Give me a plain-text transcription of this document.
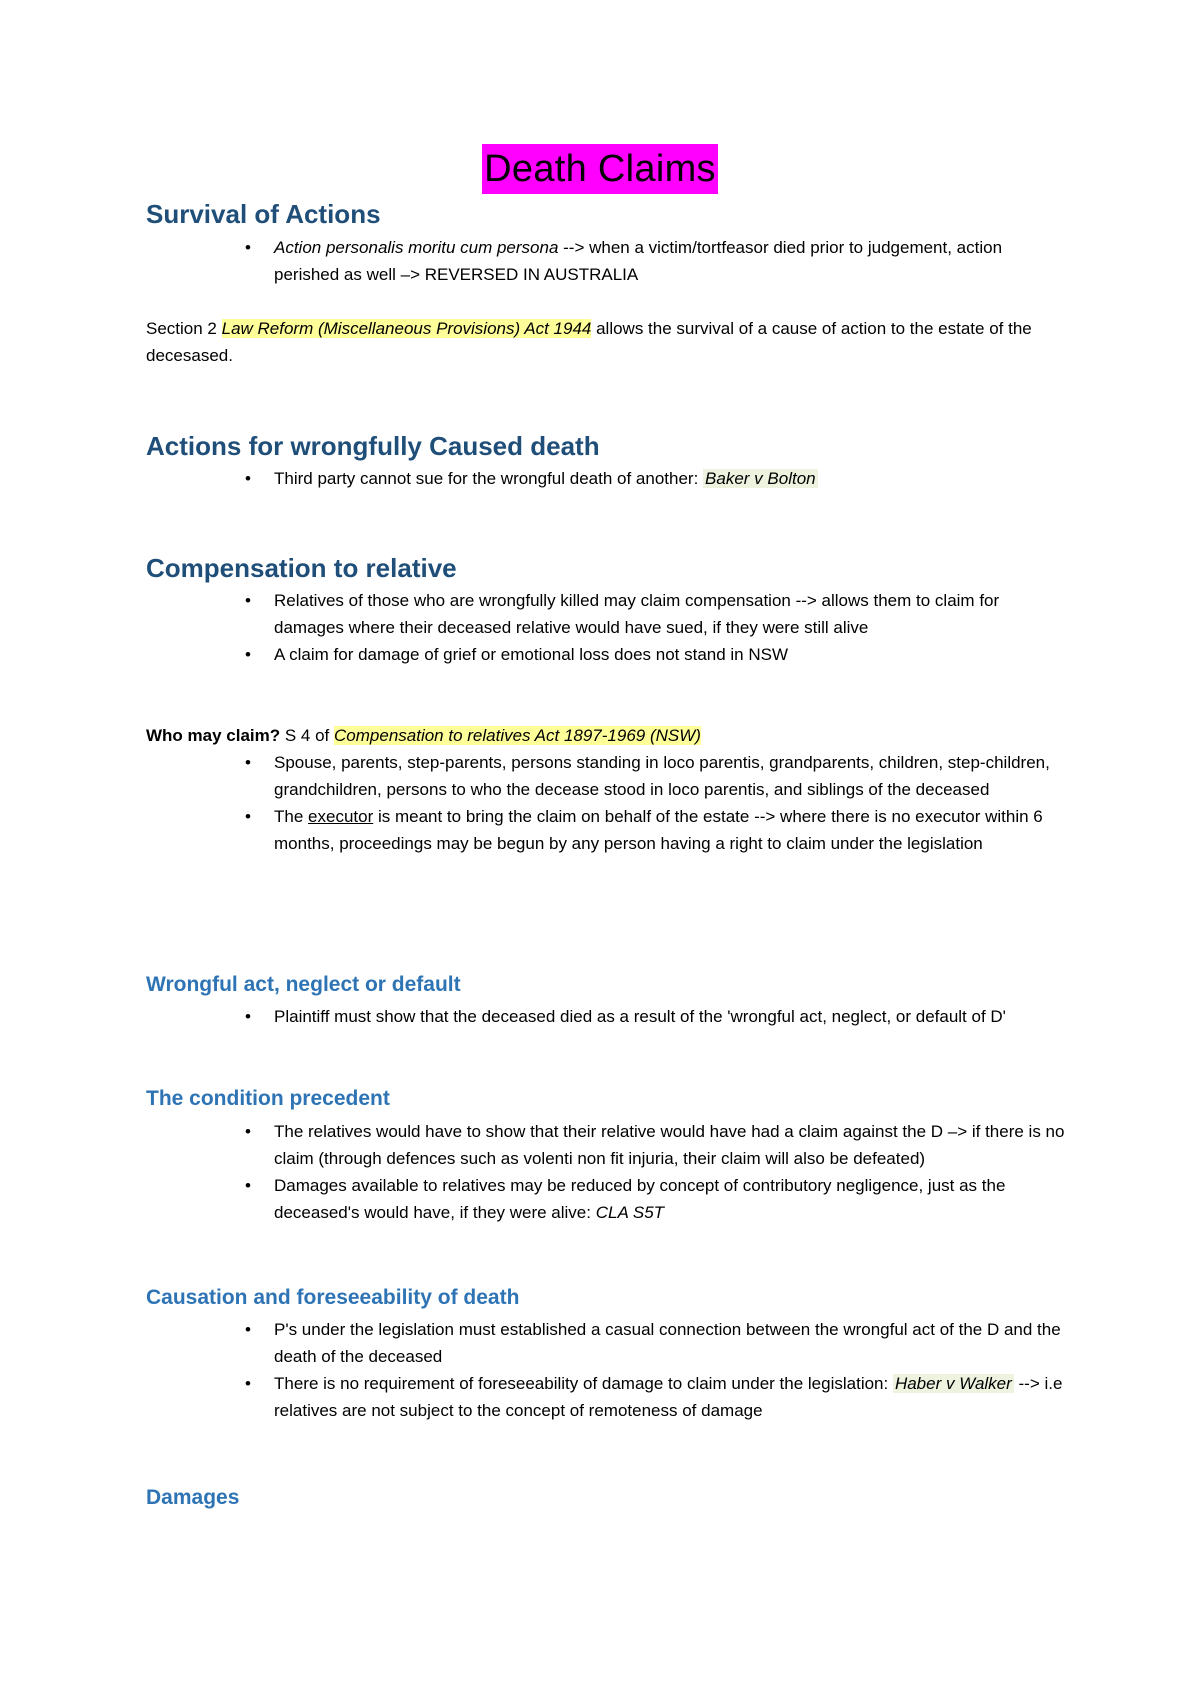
Death Claims
Survival of Actions
• Action personalis moritu cum persona --> when a victim/tortfeasor died prior to judgement, action perished as well –> REVERSED IN AUSTRALIA

Section 2 Law Reform (Miscellaneous Provisions) Act 1944 allows the survival of a cause of action to the estate of the decesased.

Actions for wrongfully Caused death
• Third party cannot sue for the wrongful death of another: Baker v Bolton
Compensation to relative
• Relatives of those who are wrongfully killed may claim compensation --> allows them to claim for damages where their deceased relative would have sued, if they were still alive
• A claim for damage of grief or emotional loss does not stand in NSW

Who may claim? S 4 of Compensation to relatives Act 1897-1969 (NSW)

• Spouse, parents, step-parents, persons standing in loco parentis, grandparents, children, step-children, grandchildren, persons to who the decease stood in loco parentis, and siblings of the deceased
• The executor is meant to bring the claim on behalf of the estate --> where there is no executor within 6 months, proceedings may be begun by any person having a right to claim under the legislation
Wrongful act, neglect or default
• Plaintiff must show that the deceased died as a result of the 'wrongful act, neglect, or default of D'
The condition precedent
• The relatives would have to show that their relative would have had a claim against the D –> if there is no claim (through defences such as volenti non fit injuria, their claim will also be defeated)
• Damages available to relatives may be reduced by concept of contributory negligence, just as the deceased's would have, if they were alive: CLA S5T
Causation and foreseeability of death
• P's under the legislation must established a casual connection between the wrongful act of the D and the death of the deceased
• There is no requirement of foreseeability of damage to claim under the legislation: Haber v Walker --> i.e relatives are not subject to the concept of remoteness of damage
Damages
